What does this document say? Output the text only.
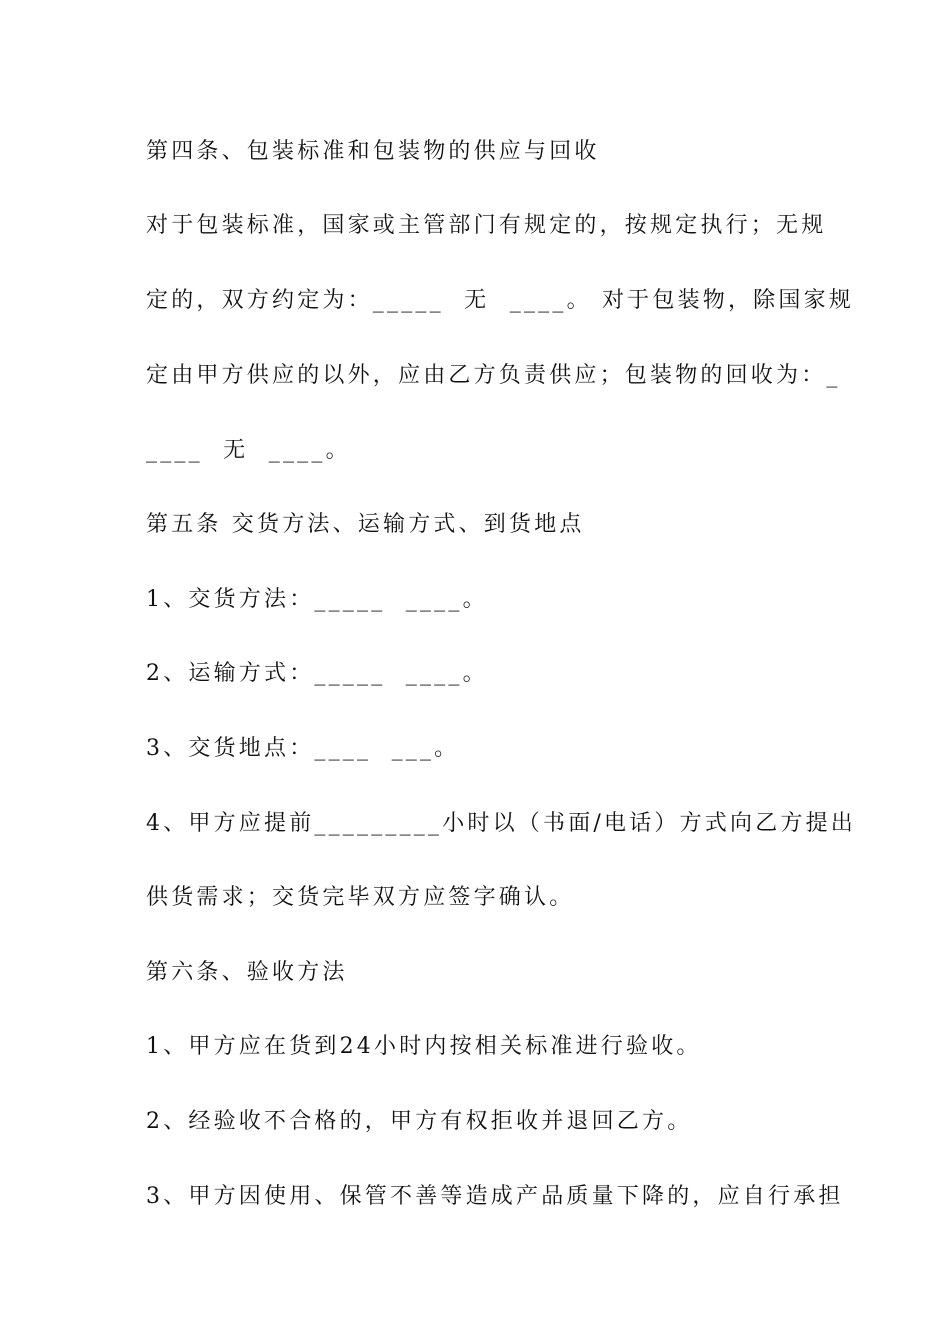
第四条、包装标准和包装物的供应与回收
对于包装标准，国家或主管部门有规定的，按规定执行；无规
定的，双方约定为：_____  无  ____。 对于包装物，除国家规
定由甲方供应的以外，应由乙方负责供应；包装物的回收为：_
____  无  ____。
第五条 交货方法、运输方式、到货地点
1、交货方法：_____  ____。
2、运输方式：_____  ____。
3、交货地点：____  ___。
4、甲方应提前_________小时以（书面/电话）方式向乙方提出
供货需求；交货完毕双方应签字确认。
第六条、验收方法
1、甲方应在货到24小时内按相关标准进行验收。
2、经验收不合格的，甲方有权拒收并退回乙方。
3、甲方因使用、保管不善等造成产品质量下降的，应自行承担
